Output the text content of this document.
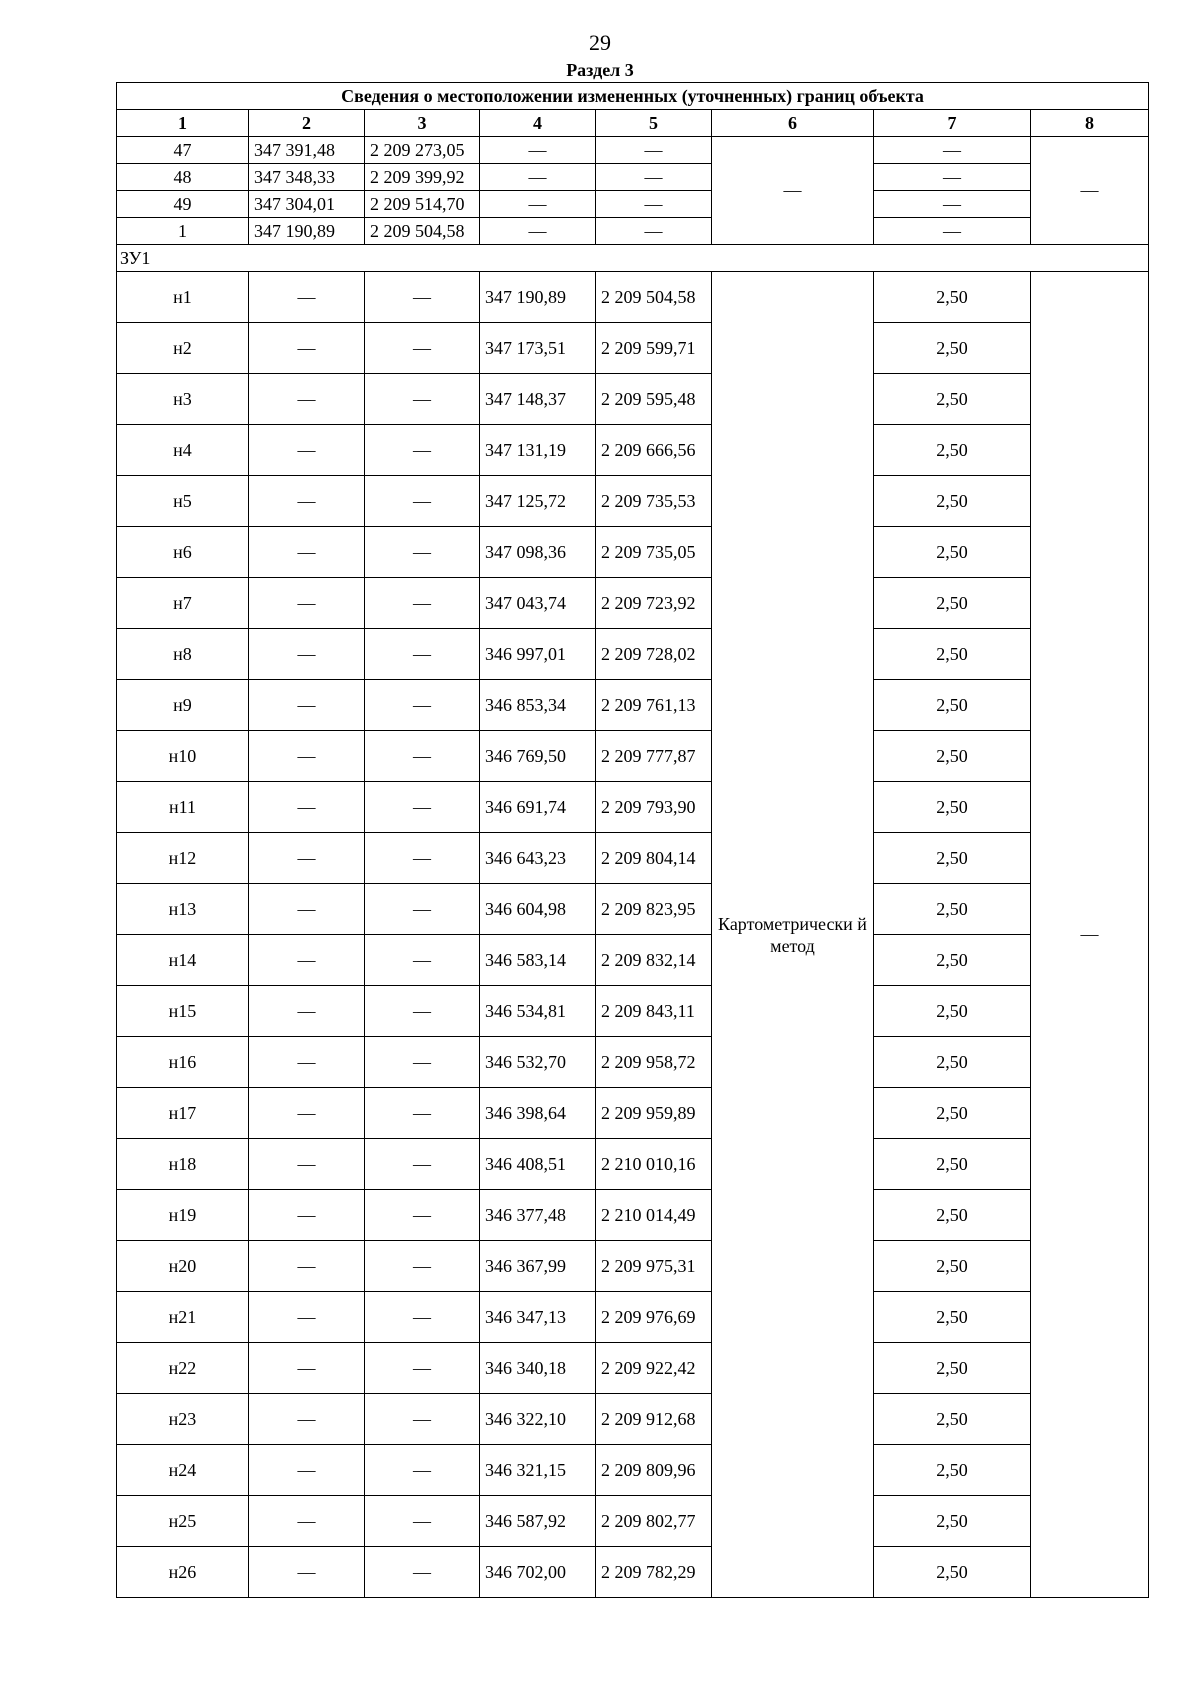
29
Раздел 3
Сведения о местоположении измененных (уточненных) границ объекта							
1	2	3	4	5	6	7	8
47	347 391,48	2 209 273,05	—	—	—	—	—
48	347 348,33	2 209 399,92	—	—		—	
49	347 304,01	2 209 514,70	—	—		—	
1	347 190,89	2 209 504,58	—	—		—	
ЗУ1							
н1	—	—	347 190,89	2 209 504,58	Картометрически й метод	2,50	—
н2	—	—	347 173,51	2 209 599,71		2,50	
н3	—	—	347 148,37	2 209 595,48		2,50	
н4	—	—	347 131,19	2 209 666,56		2,50	
н5	—	—	347 125,72	2 209 735,53		2,50	
н6	—	—	347 098,36	2 209 735,05		2,50	
н7	—	—	347 043,74	2 209 723,92		2,50	
н8	—	—	346 997,01	2 209 728,02		2,50	
н9	—	—	346 853,34	2 209 761,13		2,50	
н10	—	—	346 769,50	2 209 777,87		2,50	
н11	—	—	346 691,74	2 209 793,90		2,50	
н12	—	—	346 643,23	2 209 804,14		2,50	
н13	—	—	346 604,98	2 209 823,95		2,50	
н14	—	—	346 583,14	2 209 832,14		2,50	
н15	—	—	346 534,81	2 209 843,11		2,50	
н16	—	—	346 532,70	2 209 958,72		2,50	
н17	—	—	346 398,64	2 209 959,89		2,50	
н18	—	—	346 408,51	2 210 010,16		2,50	
н19	—	—	346 377,48	2 210 014,49		2,50	
н20	—	—	346 367,99	2 209 975,31		2,50	
н21	—	—	346 347,13	2 209 976,69		2,50	
н22	—	—	346 340,18	2 209 922,42		2,50	
н23	—	—	346 322,10	2 209 912,68		2,50	
н24	—	—	346 321,15	2 209 809,96		2,50	
н25	—	—	346 587,92	2 209 802,77		2,50	
н26	—	—	346 702,00	2 209 782,29		2,50	
